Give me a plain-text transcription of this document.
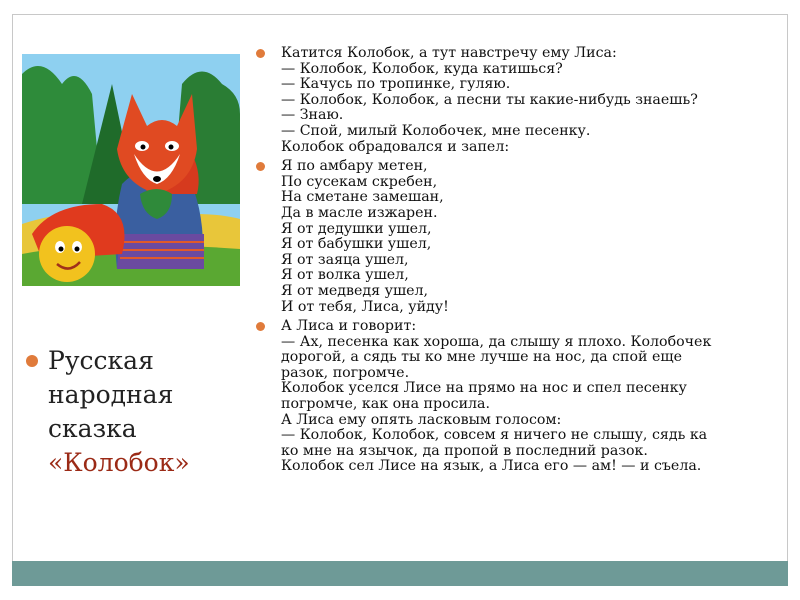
Русская
народная
сказка
«Колобок»
Катится Колобок, а тут навстречу ему Лиса:
— Колобок, Колобок, куда катишься?
— Качусь по тропинке, гуляю.
— Колобок, Колобок, а песни ты какие-нибудь знаешь?
— Знаю.
— Спой, милый Колобочек, мне песенку.
Колобок обрадовался и запел:
Я по амбару метен,
По сусекам скребен,
На сметане замешан,
Да в масле изжарен.
Я от дедушки ушел,
Я от бабушки ушел,
Я от заяца ушел,
Я от волка ушел,
Я от медведя ушел,
И от тебя, Лиса, уйду!
А Лиса и говорит:
— Ах, песенка как хороша, да слышу я плохо. Колобочек
дорогой, а сядь ты ко мне лучше на нос, да спой еще
разок, погромче.
Колобок уселся Лисе на прямо на нос и спел песенку
погромче, как она просила.
А Лиса ему опять ласковым голосом:
— Колобок, Колобок, совсем я ничего не слышу, сядь ка
ко мне на язычок, да пропой в последний разок.
Колобок сел Лисе на язык, а Лиса его — ам! — и съела.
